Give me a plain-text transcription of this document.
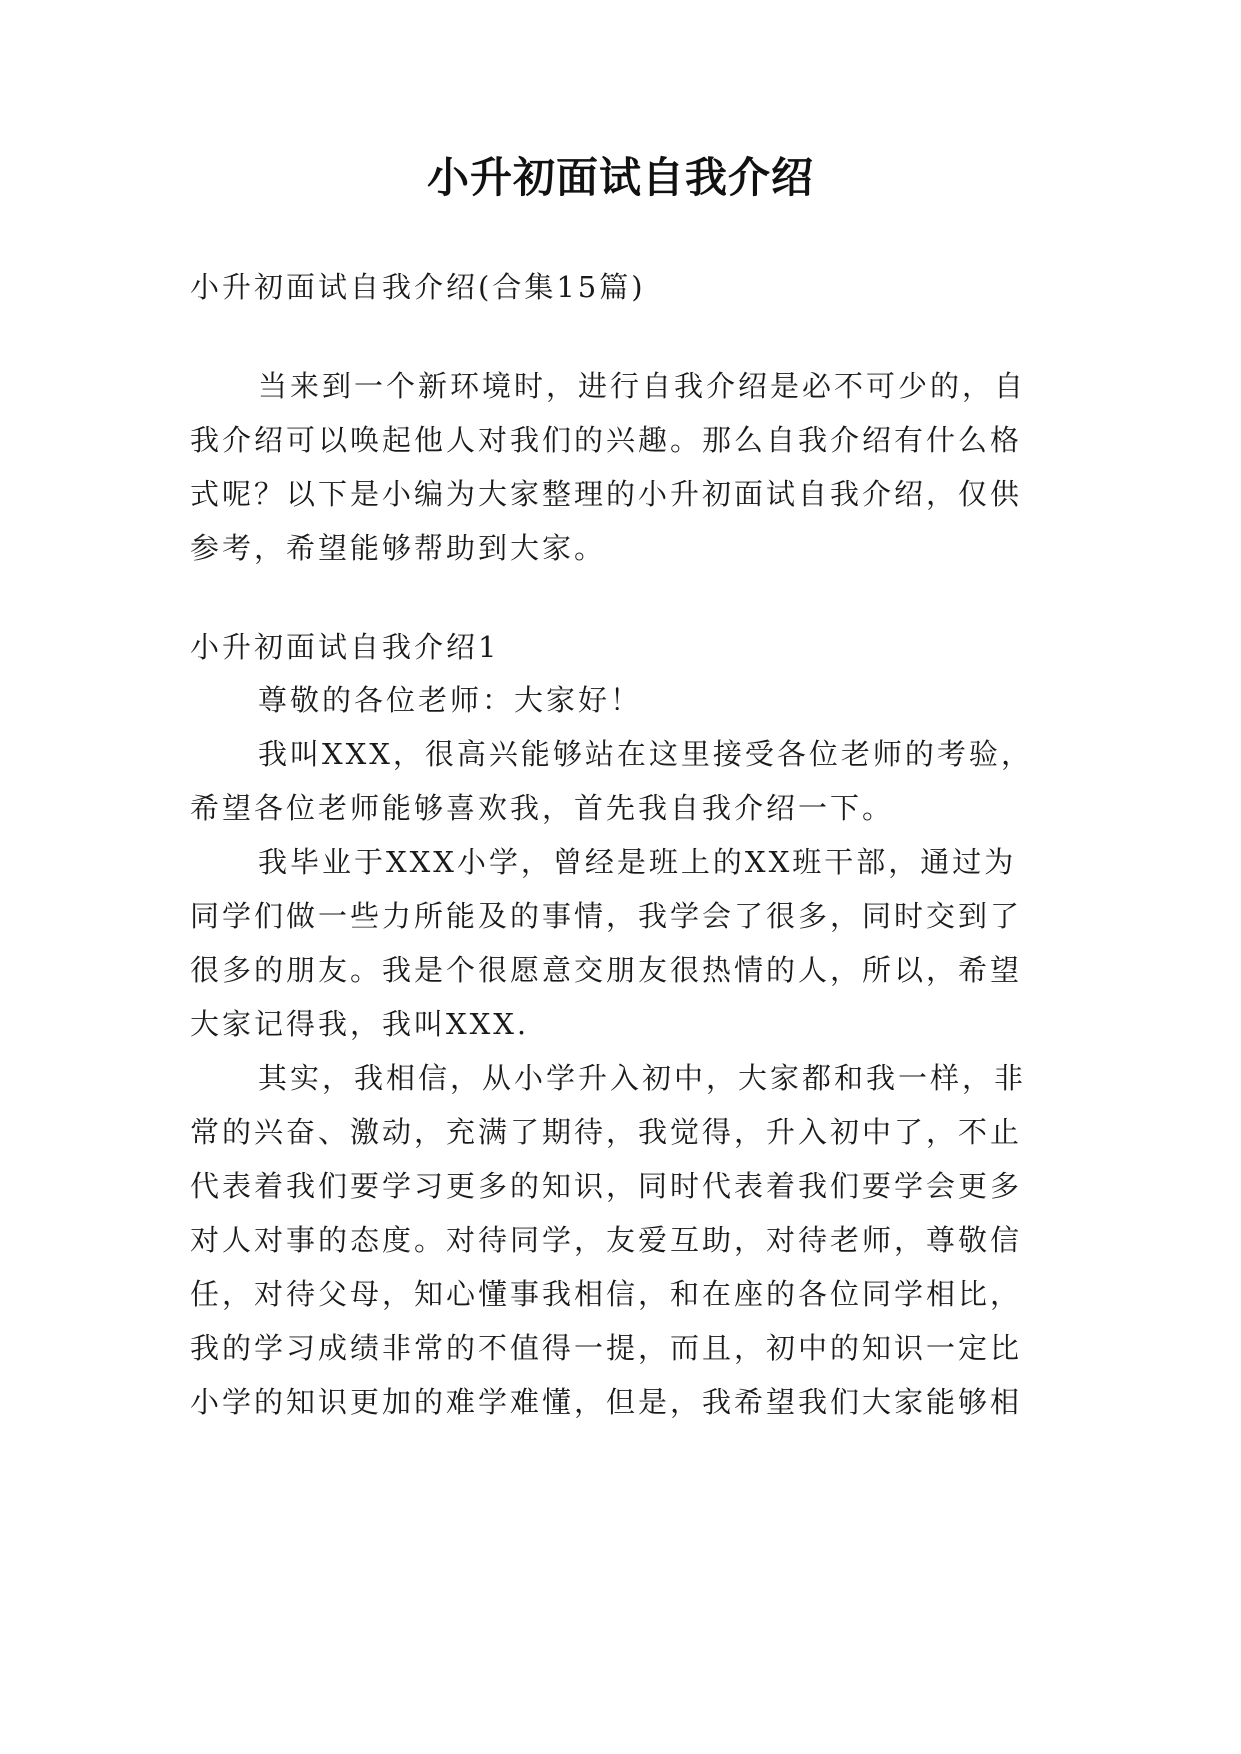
小升初面试自我介绍
小升初面试自我介绍(合集15篇)
当来到一个新环境时，进行自我介绍是必不可少的，自
我介绍可以唤起他人对我们的兴趣。那么自我介绍有什么格
式呢？以下是小编为大家整理的小升初面试自我介绍，仅供
参考，希望能够帮助到大家。
小升初面试自我介绍1
尊敬的各位老师：大家好！
我叫XXX，很高兴能够站在这里接受各位老师的考验，
希望各位老师能够喜欢我，首先我自我介绍一下。
我毕业于XXX小学，曾经是班上的XX班干部，通过为
同学们做一些力所能及的事情，我学会了很多，同时交到了
很多的朋友。我是个很愿意交朋友很热情的人，所以，希望
大家记得我，我叫XXX.
其实，我相信，从小学升入初中，大家都和我一样，非
常的兴奋、激动，充满了期待，我觉得，升入初中了，不止
代表着我们要学习更多的知识，同时代表着我们要学会更多
对人对事的态度。对待同学，友爱互助，对待老师，尊敬信
任，对待父母，知心懂事我相信，和在座的各位同学相比，
我的学习成绩非常的不值得一提，而且，初中的知识一定比
小学的知识更加的难学难懂，但是，我希望我们大家能够相
